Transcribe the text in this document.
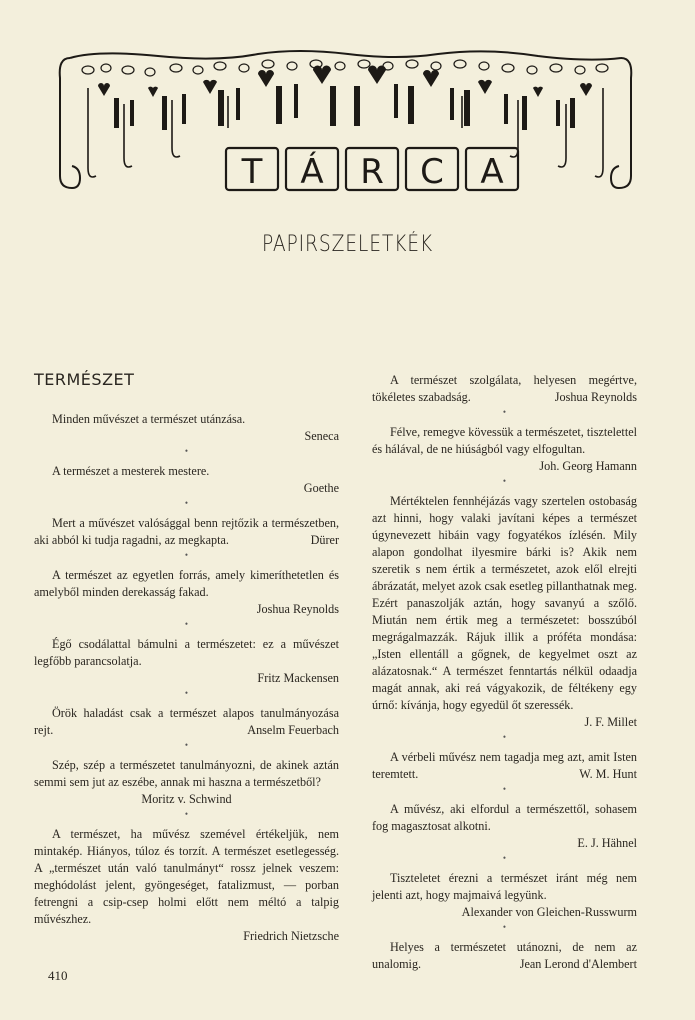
T Á R C A
PAPIRSZELETKÉK
TERMÉSZET

Minden művészet a természet utánzása.

Seneca
•

A természet a mesterek mestere.

Goethe
•

Mert a művészet valósággal benn rejtőzik a természetben, aki abból ki tudja ragadni, az megkapta.	Dürer
•

A természet az egyetlen forrás, amely kimeríthetetlen és amelyből minden derekasság fakad.

Joshua Reynolds
•

Égő csodálattal bámulni a természetet: ez a művészet legfőbb parancsolatja.

Fritz Mackensen
•

Örök haladást csak a természet alapos tanulmányozása rejt.	Anselm Feuerbach
•

Szép, szép a természetet tanulmányozni, de akinek aztán semmi sem jut az eszébe, annak mi haszna a természetből?

Moritz v. Schwind
•

A természet, ha művész szemével értékeljük, nem mintakép. Hiányos, túloz és torzít. A természet esetlegesség. A „természet után való tanulmányt“ rossz jelnek veszem: meghódolást jelent, gyöngeséget, fatalizmust, — porban fetrengni a csip-csep holmi előtt nem méltó a talpig művészhez.

Friedrich Nietzsche

A természet szolgálata, helyesen megértve, tökéletes szabadság.	Joshua Reynolds
•

Félve, remegve kövessük a természetet, tisztelettel és hálával, de ne hiúságból vagy elfogultan.

Joh. Georg Hamann
•

Mértéktelen fennhéjázás vagy szertelen ostobaság azt hinni, hogy valaki javítani képes a természet úgynevezett hibáin vagy fogyatékos ízlésén. Mily alapon gondolhat ilyesmire bárki is? Akik nem szeretik s nem értik a természetet, azok elől elrejti ábrázatát, melyet azok csak esetleg pillanthatnak meg. Ezért panaszolják aztán, hogy savanyú a szőlő. Miután nem értik meg a természetet: bosszúból megrágalmazzák. Rájuk illik a próféta mondása: „Isten ellentáll a gőgnek, de kegyelmet oszt az alázatosnak.“ A természet fenntartás nélkül odaadja magát annak, aki reá vágyakozik, de féltékeny egy úrnő: kívánja, hogy egyedül őt szeressék.

J. F. Millet
•

A vérbeli művész nem tagadja meg azt, amit Isten teremtett.	W. M. Hunt
•

A művész, aki elfordul a természettől, sohasem fog magasztosat alkotni.

E. J. Hähnel
•

Tiszteletet érezni a természet iránt még nem jelenti azt, hogy majmaivá legyünk.

Alexander von Gleichen-Russwurm
•

Helyes a természetet utánozni, de nem az unalomig.	Jean Lerond d'Alembert
410
